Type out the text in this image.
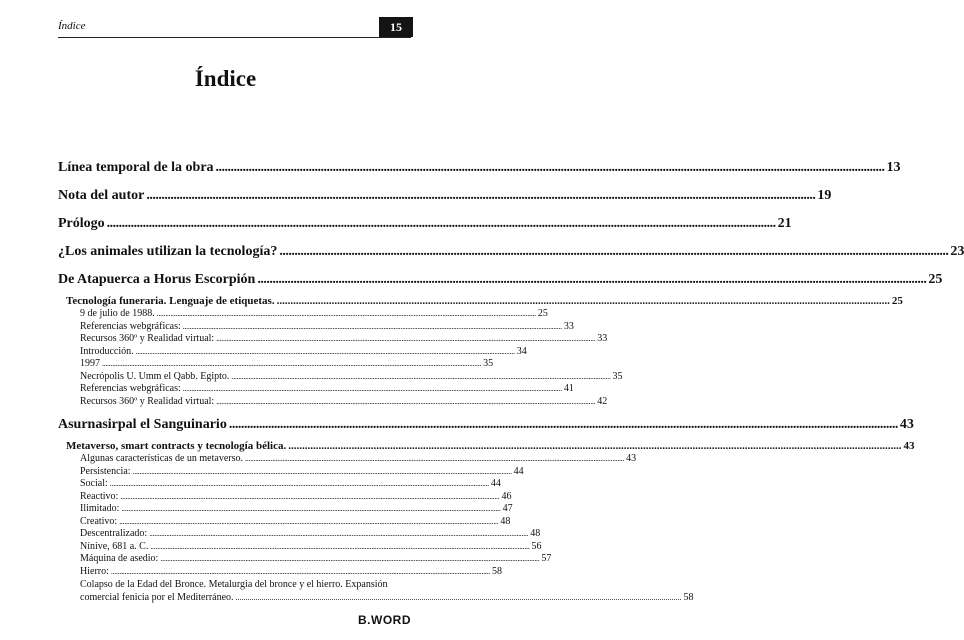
Índice	15
Índice
Línea temporal de la obra .....	13
Nota del autor .....	19
Prólogo .....	21
¿Los animales utilizan la tecnología? .....	23
De Atapuerca a Horus Escorpión .....	25
Tecnología funeraria. Lenguaje de etiquetas. .....	25
9 de julio de 1988. .....	25
Referencias webgráficas: .....	33
Recursos 360º y Realidad virtual: .....	33
Introducción. .....	34
1997 .....	35
Necrópolis U. Umm el Qabb. Egipto. .....	35
Referencias webgráficas: .....	41
Recursos 360º y Realidad virtual: .....	42
Asurnasirpal el Sanguinario .....	43
Metaverso, smart contracts y tecnología bélica. .....	43
Algunas características de un metaverso. .....	43
Persistencia: .....	44
Social: .....	44
Reactivo: .....	46
Ilimitado: .....	47
Creativo: .....	48
Descentralizado: .....	48
Nínive, 681 a. C. .....	56
Máquina de asedio: .....	57
Hierro: .....	58
Colapso de la Edad del Bronce. Metalurgia del bronce y el hierro. Expansión
comercial fenicia por el Mediterráneo. .....	58
B.WORD
